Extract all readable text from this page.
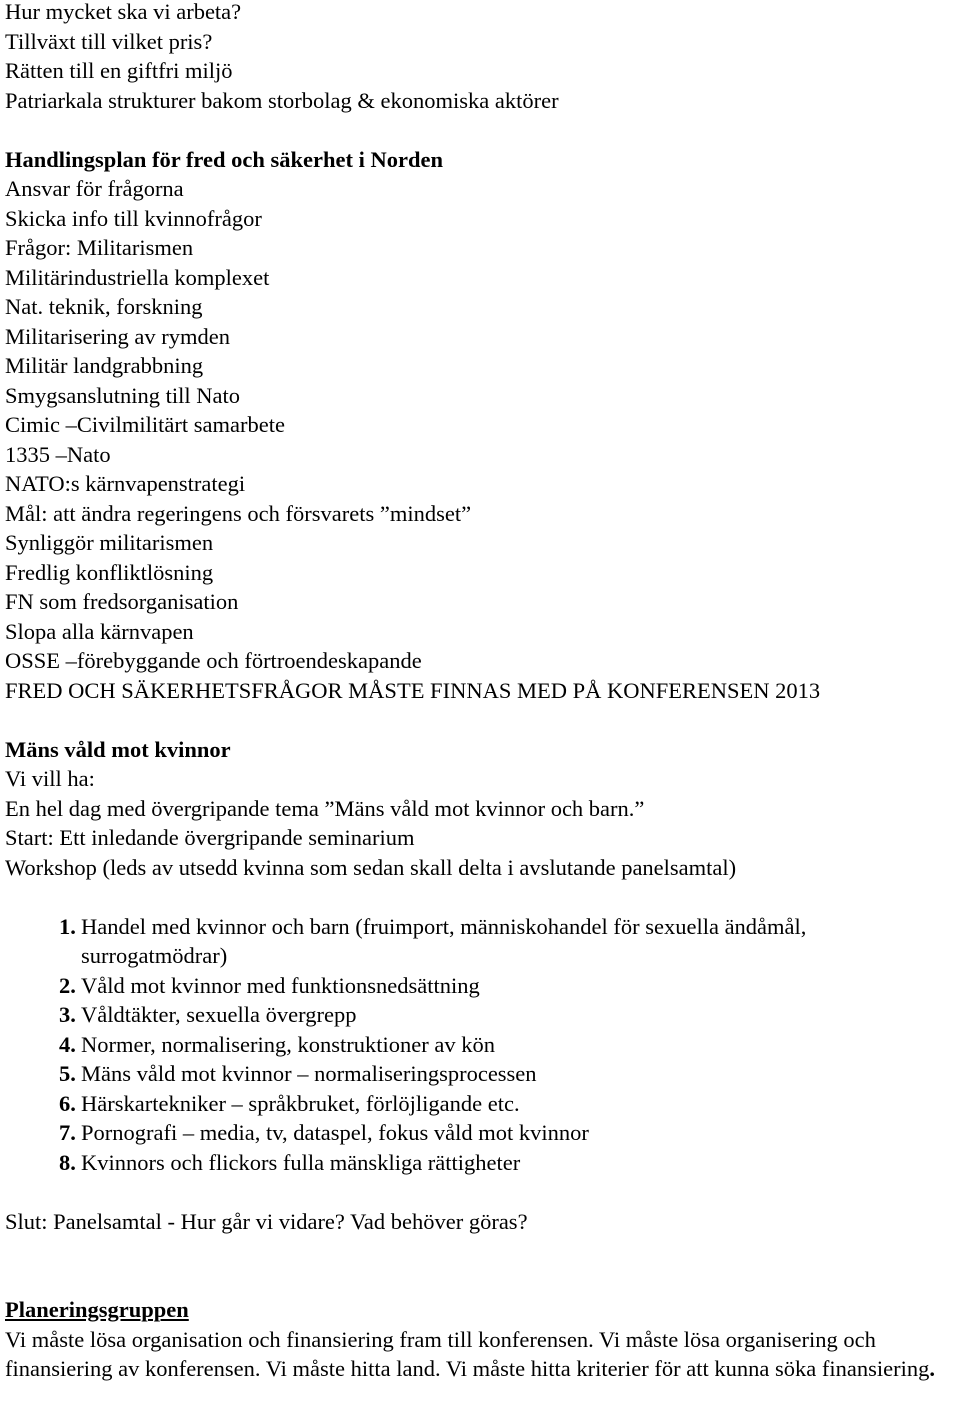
Hur mycket ska vi arbeta?
Tillväxt till vilket pris?
Rätten till en giftfri miljö
Patriarkala strukturer bakom storbolag & ekonomiska aktörer
Handlingsplan för fred och säkerhet i Norden
Ansvar för frågorna
Skicka info till kvinnofrågor
Frågor: Militarismen
Militärindustriella komplexet
Nat. teknik, forskning
Militarisering av rymden
Militär landgrabbning
Smygsanslutning till Nato
Cimic –Civilmilitärt samarbete
1335 –Nato
NATO:s kärnvapenstrategi
Mål: att ändra regeringens och försvarets ”mindset”
Synliggör militarismen
Fredlig konfliktlösning
FN som fredsorganisation
Slopa alla kärnvapen
OSSE –förebyggande och förtroendeskapande
FRED OCH SÄKERHETSFRÅGOR MÅSTE FINNAS MED PÅ KONFERENSEN 2013
Mäns våld mot kvinnor
Vi vill ha:
En hel dag med övergripande tema ”Mäns våld mot kvinnor och barn.”
Start: Ett inledande övergripande seminarium
Workshop (leds av utsedd kvinna som sedan skall delta i avslutande panelsamtal)
1. Handel med kvinnor och barn (fruimport, människohandel för sexuella ändåmål, surrogatmödrar)
2. Våld mot kvinnor med funktionsnedsättning
3. Våldtäkter, sexuella övergrepp
4. Normer, normalisering, konstruktioner av kön
5. Mäns våld mot kvinnor – normaliseringsprocessen
6. Härskartekniker – språkbruket, förlöjligande etc.
7. Pornografi – media, tv, dataspel, fokus våld mot kvinnor
8. Kvinnors och flickors fulla mänskliga rättigheter
Slut: Panelsamtal - Hur går vi vidare? Vad behöver göras?
Planeringsgruppen

Vi måste lösa organisation och finansiering fram till konferensen. Vi måste lösa organisering och finansiering av konferensen. Vi måste hitta land. Vi måste hitta kriterier för att kunna söka finansiering.
